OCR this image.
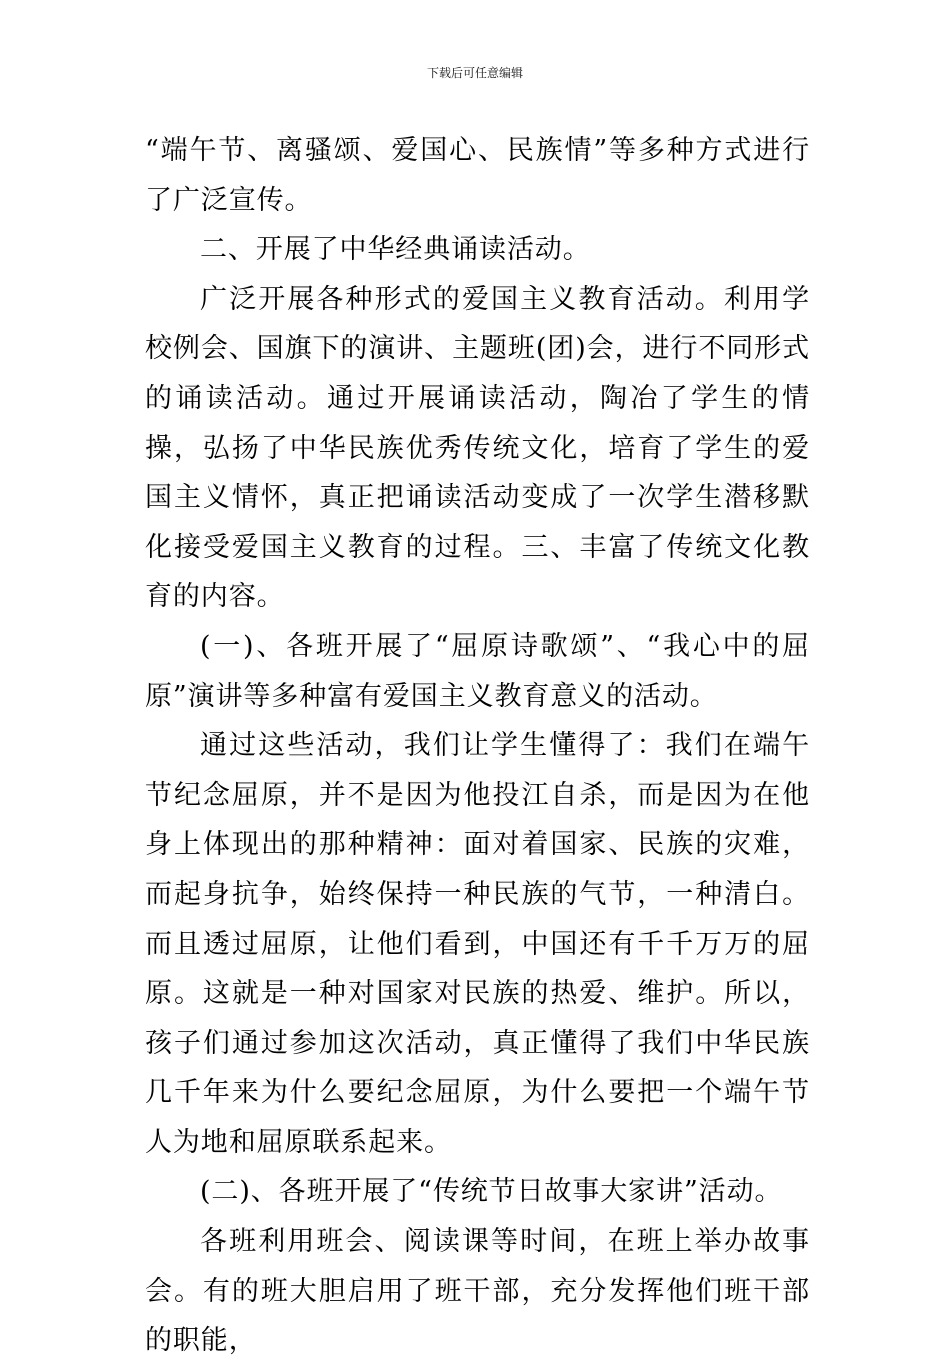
下载后可任意编辑

“端午节、离骚颂、爱国心、民族情”等多种方式进行了广泛宣传。

二、开展了中华经典诵读活动。

广泛开展各种形式的爱国主义教育活动。利用学校例会、国旗下的演讲、主题班(团)会，进行不同形式的诵读活动。通过开展诵读活动，陶冶了学生的情操，弘扬了中华民族优秀传统文化，培育了学生的爱国主义情怀，真正把诵读活动变成了一次学生潜移默化接受爱国主义教育的过程。三、丰富了传统文化教育的内容。

(一)、各班开展了“屈原诗歌颂”、“我心中的屈原”演讲等多种富有爱国主义教育意义的活动。

通过这些活动，我们让学生懂得了：我们在端午节纪念屈原，并不是因为他投江自杀，而是因为在他身上体现出的那种精神：面对着国家、民族的灾难，而起身抗争，始终保持一种民族的气节，一种清白。而且透过屈原，让他们看到，中国还有千千万万的屈原。这就是一种对国家对民族的热爱、维护。所以，孩子们通过参加这次活动，真正懂得了我们中华民族几千年来为什么要纪念屈原，为什么要把一个端午节人为地和屈原联系起来。

(二)、各班开展了“传统节日故事大家讲”活动。

各班利用班会、阅读课等时间，在班上举办故事会。有的班大胆启用了班干部，充分发挥他们班干部的职能，
